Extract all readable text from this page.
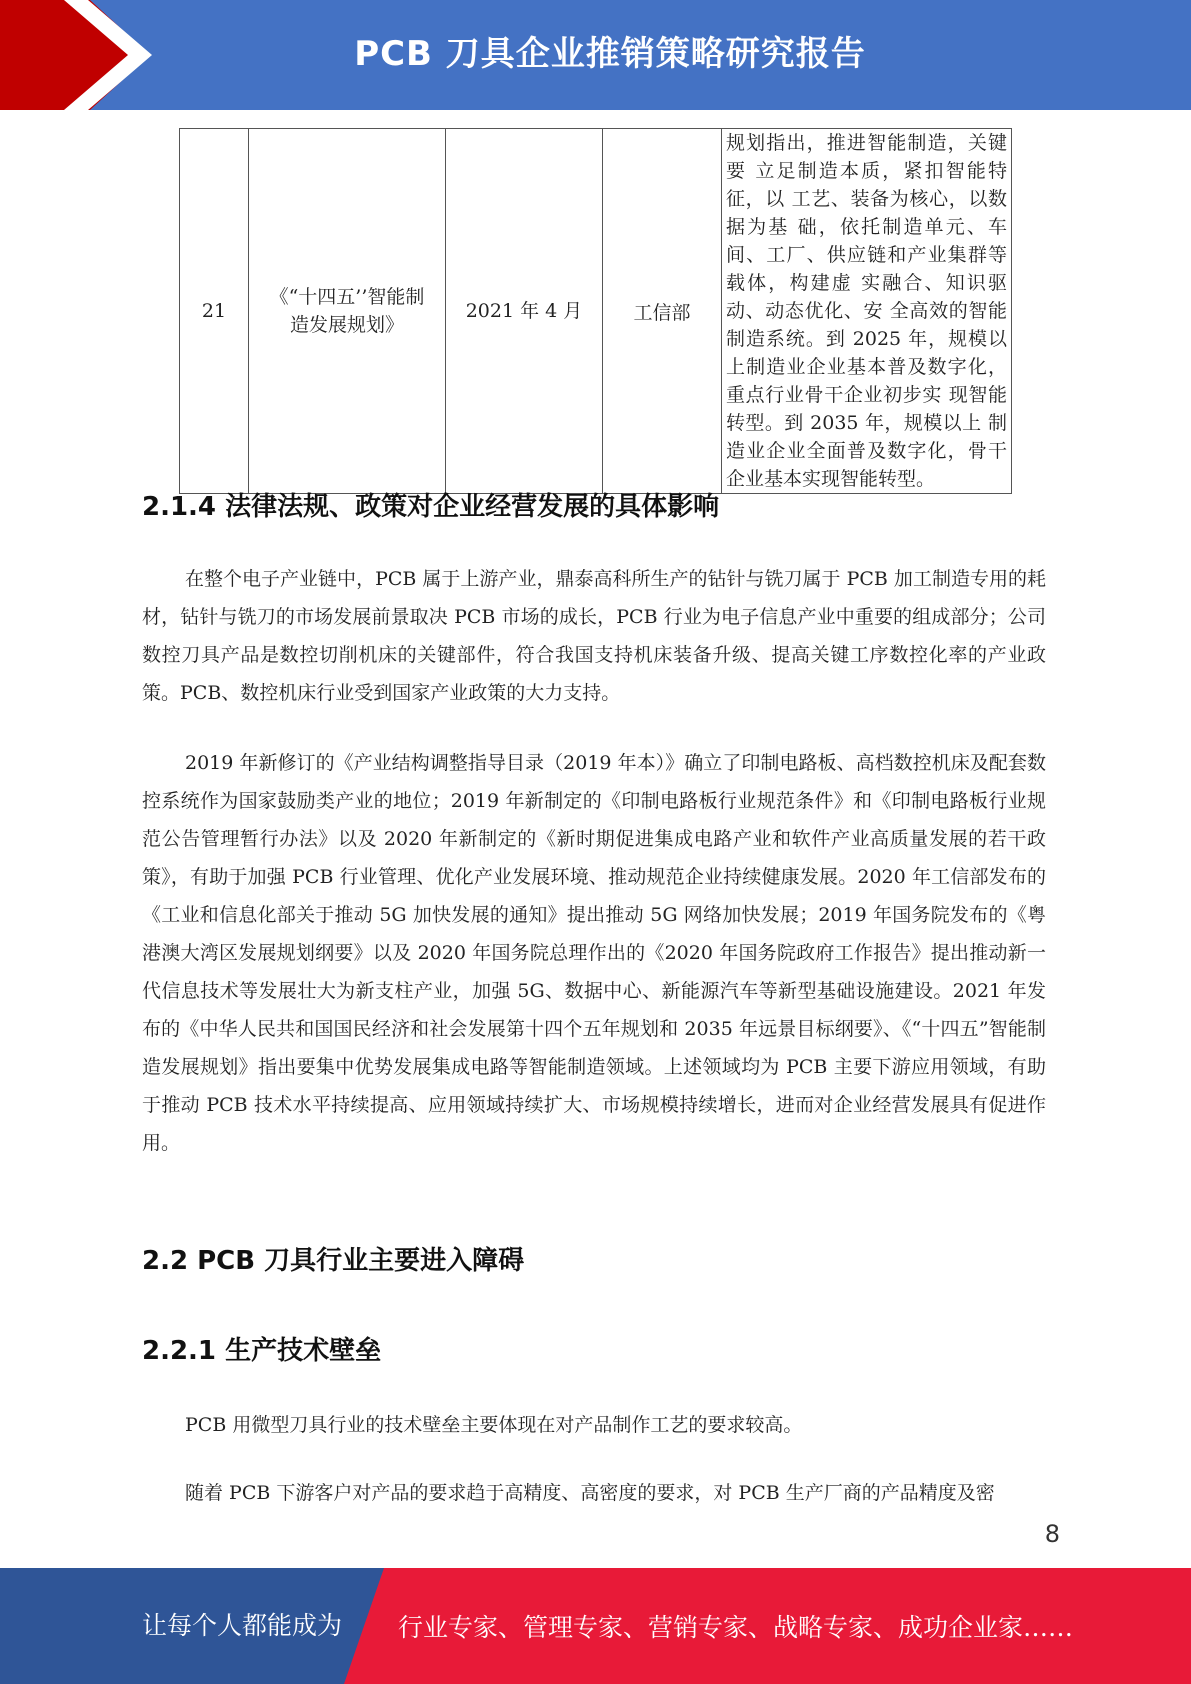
PCB 刀具企业推销策略研究报告
21	《“十四五’’智能制造发展规划》	2021 年 4 月	工信部	规划指出，推进智能制造，关键要 立足制造本质，紧扣智能特征，以 工艺、装备为核心，以数据为基 础，依托制造单元、车间、工厂、供应链和产业集群等载体，构建虚 实融合、知识驱动、动态优化、安 全高效的智能制造系统。到 2025 年，规模以上制造业企业基本普及数字化，重点行业骨干企业初步实 现智能转型。到 2035 年，规模以上 制造业企业全面普及数字化，骨干 企业基本实现智能转型。
2.1.4 法律法规、政策对企业经营发展的具体影响

在整个电子产业链中，PCB 属于上游产业，鼎泰高科所生产的钻针与铣刀属于 PCB 加工制造专用的耗材，钻针与铣刀的市场发展前景取决 PCB 市场的成长，PCB 行业为电子信息产业中重要的组成部分；公司数控刀具产品是数控切削机床的关键部件，符合我国支持机床装备升级、提高关键工序数控化率的产业政策。PCB、数控机床行业受到国家产业政策的大力支持。

2019 年新修订的《产业结构调整指导目录（2019 年本）》确立了印制电路板、高档数控机床及配套数控系统作为国家鼓励类产业的地位；2019 年新制定的《印制电路板行业规范条件》和《印制电路板行业规范公告管理暂行办法》以及 2020 年新制定的《新时期促进集成电路产业和软件产业高质量发展的若干政策》，有助于加强 PCB 行业管理、优化产业发展环境、推动规范企业持续健康发展。2020 年工信部发布的《工业和信息化部关于推动 5G 加快发展的通知》提出推动 5G 网络加快发展；2019 年国务院发布的《粤港澳大湾区发展规划纲要》以及 2020 年国务院总理作出的《2020 年国务院政府工作报告》提出推动新一代信息技术等发展壮大为新支柱产业，加强 5G、数据中心、新能源汽车等新型基础设施建设。2021 年发布的《中华人民共和国国民经济和社会发展第十四个五年规划和 2035 年远景目标纲要》、《“十四五”智能制造发展规划》指出要集中优势发展集成电路等智能制造领域。上述领域均为 PCB 主要下游应用领域，有助于推动 PCB 技术水平持续提高、应用领域持续扩大、市场规模持续增长，进而对企业经营发展具有促进作用。

2.2 PCB 刀具行业主要进入障碍
2.2.1 生产技术壁垒

PCB 用微型刀具行业的技术壁垒主要体现在对产品制作工艺的要求较高。

随着 PCB 下游客户对产品的要求趋于高精度、高密度的要求，对 PCB 生产厂商的产品精度及密

8
让每个人都能成为 行业专家、管理专家、营销专家、战略专家、成功企业家……
